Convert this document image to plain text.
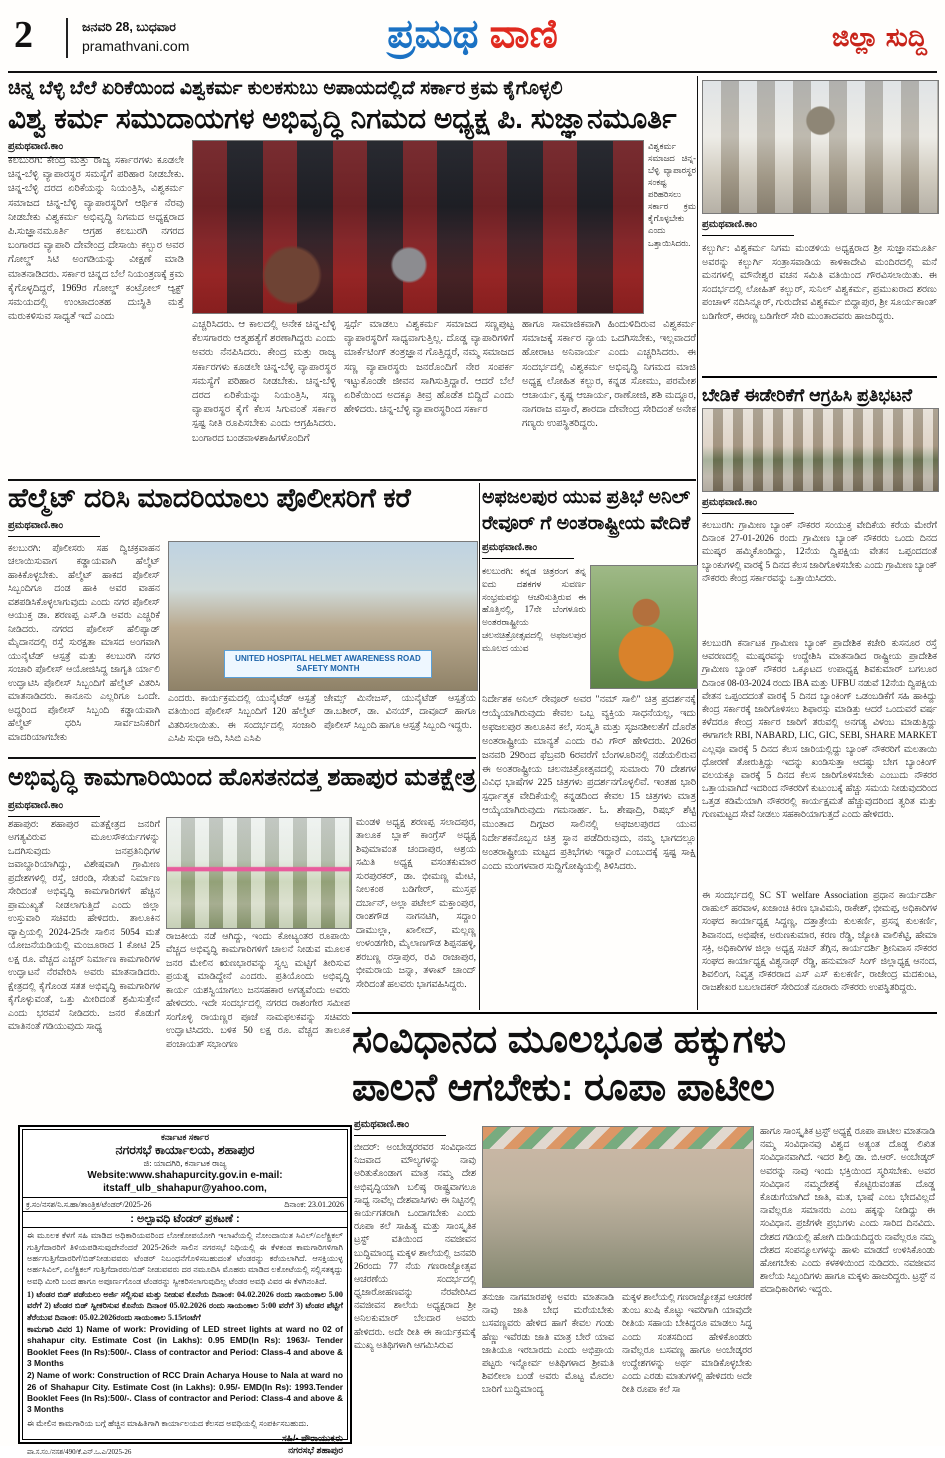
2	ಜನವರಿ 28, ಬುಧವಾರ
pramathvani.com	ಪ್ರಮಥ ವಾಣಿ	ಜಿಲ್ಲಾ ಸುದ್ದಿ
ಚಿನ್ನ ಬೆಳ್ಳಿ ಬೆಲೆ ಏರಿಕೆಯಿಂದ ವಿಶ್ವಕರ್ಮ ಕುಲಕಸುಬು ಅಪಾಯದಲ್ಲಿದೆ ಸರ್ಕಾರ ಕ್ರಮ ಕೈಗೊಳ್ಳಲಿ
ವಿಶ್ವ ಕರ್ಮ ಸಮುದಾಯಗಳ ಅಭಿವೃದ್ಧಿ ನಿಗಮದ ಅಧ್ಯಕ್ಷ ಪಿ. ಸುಜ್ಞಾನಮೂರ್ತಿ
ಪ್ರಮಥವಾಣಿ.ಕಾಂ
ಕಲಬುರಗಿ: ಕೇಂದ್ರ ಮತ್ತು ರಾಜ್ಯ ಸರ್ಕಾರಗಳು ಕೂಡಲೇ ಚಿನ್ನ-ಬೆಳ್ಳಿ ವ್ಯಾಪಾರಸ್ಥರ ಸಮಸ್ಯೆಗೆ ಪರಿಹಾರ ನೀಡಬೇಕು. ಚಿನ್ನ-ಬೆಳ್ಳಿ ದರದ ಏರಿಕೆಯನ್ನು ನಿಯಂತ್ರಿಸಿ, ವಿಶ್ವಕರ್ಮ ಸಮಾಜದ ಚಿನ್ನ-ಬೆಳ್ಳಿ ವ್ಯಾಪಾರಸ್ಥರಿಗೆ ಆರ್ಥಿಕ ನೆರವು ನೀಡಬೇಕು ವಿಶ್ವಕರ್ಮ ಅಭಿವೃದ್ಧಿ ನಿಗಮದ ಅಧ್ಯಕ್ಷರಾದ ಪಿ.ಸುಜ್ಞಾನಮೂರ್ತಿ ಆಗ್ರಹ ಕಲಬುರಗಿ ನಗರದ ಬಂಗಾರದ ವ್ಯಾಪಾರಿ ದೇವೇಂದ್ರ ದೇಸಾಯಿ ಕಲ್ಬುರ ಅವರ ಗೋಲ್ಡ್ ಸಿಟಿ ಅಂಗಡಿಯನ್ನು ವೀಕ್ಷಣೆ ಮಾಡಿ ಮಾತನಾಡಿದರು. ಸರ್ಕಾರ ಚಿನ್ನದ ಬೆಲೆ ನಿಯಂತ್ರಣಕ್ಕೆ ಕ್ರಮ ಕೈಗೊಳ್ಳದಿದ್ದರೆ, 1969ರ ಗೋಲ್ಡ್ ಕಂಟ್ರೋಲ್ ಆ್ಯಕ್ಟ್ ಸಮಯದಲ್ಲಿ ಉಂಟಾದಂತಹ ದುಃಸ್ಥಿತಿ ಮತ್ತೆ ಮರುಕಳಿಸುವ ಸಾಧ್ಯತೆ ಇದೆ ಎಂದು
ವಿಶ್ವಕರ್ಮ ಸಮಾಜದ ಚಿನ್ನ-ಬೆಳ್ಳಿ ವ್ಯಾಪಾರಸ್ಥರ ಸಂಕಷ್ಟ ಪರಿಹರಿಸಲು ಸರ್ಕಾರ ಕ್ರಮ ಕೈಗೊಳ್ಳಬೇಕು ಎಂದು ಒತ್ತಾಯಿಸಿದರು.
ಎಚ್ಚರಿಸಿದರು. ಆ ಕಾಲದಲ್ಲಿ ಅನೇಕ ಚಿನ್ನ-ಬೆಳ್ಳಿ ಕೆಲಸಗಾರರು ಆತ್ಮಹತ್ಯೆಗೆ ಶರಣಾಗಿದ್ದರು ಎಂದು ಅವರು ನೆನಪಿಸಿದರು. ಕೇಂದ್ರ ಮತ್ತು ರಾಜ್ಯ ಸರ್ಕಾರಗಳು ಕೂಡಲೇ ಚಿನ್ನ-ಬೆಳ್ಳಿ ವ್ಯಾಪಾರಸ್ಥರ ಸಮಸ್ಯೆಗೆ ಪರಿಹಾರ ನೀಡಬೇಕು. ಚಿನ್ನ-ಬೆಳ್ಳಿ ದರದ ಏರಿಕೆಯನ್ನು ನಿಯಂತ್ರಿಸಿ, ಸಣ್ಣ ವ್ಯಾಪಾರಸ್ಥರ ಕೈಗೆ ಕೆಲಸ ಸಿಗುವಂತೆ ಸರ್ಕಾರ ಸ್ಪಷ್ಟ ನೀತಿ ರೂಪಿಸಬೇಕು ಎಂದು ಆಗ್ರಹಿಸಿದರು. ಬಂಗಾರದ ಬಂಡವಾಳಶಾಹಿಗಳೊಂದಿಗೆ
ಸ್ಪರ್ಧೆ ಮಾಡಲು ವಿಶ್ವಕರ್ಮ ಸಮಾಜದ ಸಣ್ಣಪುಟ್ಟ ವ್ಯಾಪಾರಸ್ಥರಿಗೆ ಸಾಧ್ಯವಾಗುತ್ತಿಲ್ಲ. ದೊಡ್ಡ ವ್ಯಾಪಾರಿಗಳಿಗೆ ಮಾರ್ಕೆಟಿಂಗ್ ತಂತ್ರಜ್ಞಾನ ಗೊತ್ತಿದ್ದರೆ, ನಮ್ಮ ಸಮಾಜದ ಸಣ್ಣ ವ್ಯಾಪಾರಸ್ಥರು ಜನರೊಂದಿಗೆ ನೇರ ಸಂಪರ್ಕ ಇಟ್ಟುಕೊಂಡೇ ಜೀವನ ಸಾಗಿಸುತ್ತಿದ್ದಾರೆ. ಆದರೆ ಬೆಲೆ ಏರಿಕೆಯಿಂದ ಅದಕ್ಕೂ ತೀವ್ರ ಹೊಡೆತ ಬಿದ್ದಿದೆ ಎಂದು ಹೇಳಿದರು. ಚಿನ್ನ-ಬೆಳ್ಳಿ ವ್ಯಾಪಾರಸ್ಥರಿಂದ ಸರ್ಕಾರ
ಹಾಗೂ ಸಾಮಾಜಿಕವಾಗಿ ಹಿಂದುಳಿದಿರುವ ವಿಶ್ವಕರ್ಮ ಸಮಾಜಕ್ಕೆ ಸರ್ಕಾರ ನ್ಯಾಯ ಒದಗಿಸಬೇಕು, ಇಲ್ಲವಾದರೆ ಹೋರಾಟ ಅನಿವಾರ್ಯ ಎಂದು ಎಚ್ಚರಿಸಿದರು. ಈ ಸಂದರ್ಭದಲ್ಲಿ ವಿಶ್ವಕರ್ಮ ಅಭಿವೃದ್ಧಿ ನಿಗಮದ ಮಾಜಿ ಅಧ್ಯಕ್ಷ ಲೋಹಿತ ಕಲ್ಬುರ, ಕನ್ನಡ ಸೋಮು, ಪರಮೇಶ ಆಚಾರ್ಯ, ಕೃಷ್ಣ ಆಚಾರ್ಯ, ರಾಣೋಜಿ, ಶಶಿ ಮದ್ದೂರ, ನಾಗರಾಜ ವಸ್ತಾರೆ, ಶಾರದಾ ದೇವೇಂದ್ರ ಸೇರಿದಂತೆ ಅನೇಕ ಗಣ್ಯರು ಉಪಸ್ಥಿತರಿದ್ದರು.
ಪ್ರಮಥವಾಣಿ.ಕಾಂ
ಕಲ್ಬುರ್ಗಿ: ವಿಶ್ವಕರ್ಮ ನಿಗಮ ಮಂಡಳಿಯ ಅಧ್ಯಕ್ಷರಾದ ಶ್ರೀ ಸುಜ್ಞಾನಮೂರ್ತಿ ಅವರನ್ನು ಕಲ್ಬುರ್ಗಿ ಸಂತ್ರಾಸವಾಡಿಯ ಕಾಳಿಕಾದೇವಿ ಮಂದಿರದಲ್ಲಿ ಮನೆ ಮನಗಳಲ್ಲಿ ಮೌನೇಶ್ವರ ವಚನ ಸಮಿತಿ ವತಿಯಿಂದ ಗೌರವಿಸಲಾಯಿತು. ಈ ಸಂದರ್ಭದಲ್ಲಿ ಲೋಹಿತ್ ಕಲ್ಬುರ್, ಸುನಿಲ್ ವಿಶ್ವಕರ್ಮ, ಪ್ರಮುಖರಾದ ಶರಣು ಪಂಚಾಳ್ ನದಿಸಿನ್ನೂರ್, ಗುರುದೇವ ವಿಶ್ವಕರ್ಮ ಬಿದ್ದಾಪುರ, ಶ್ರೀ ಸೂರ್ಯಕಾಂತ್ ಬಡಿಗೇರ್, ಈರಣ್ಣ ಬಡಿಗೇರ್ ಸೇರಿ ಮುಂತಾದವರು ಹಾಜರಿದ್ದರು.
ಬೇಡಿಕೆ ಈಡೇರಿಕೆಗೆ ಆಗ್ರಹಿಸಿ ಪ್ರತಿಭಟನೆ
ಪ್ರಮಥವಾಣಿ.ಕಾಂ
ಕಲಬುರಗಿ: ಗ್ರಾಮೀಣ ಬ್ಯಾಂಕ್ ನೌಕರರ ಸಂಯುಕ್ತ ವೇದಿಕೆಯ ಕರೆಯ ಮೇರೆಗೆ ದಿನಾಂಕ 27-01-2026 ರಂದು ಗ್ರಾಮೀಣ ಬ್ಯಾಂಕ್ ನೌಕರರು ಒಂದು ದಿನದ ಮುಷ್ಕರ ಹಮ್ಮಿಕೊಂಡಿದ್ದು, 12ನೆಯ ದ್ವಿಪಕ್ಷಿಯ ವೇತನ ಒಪ್ಪಂದದಂತೆ ಬ್ಯಾಂಕುಗಳಲ್ಲಿ ವಾರಕ್ಕೆ 5 ದಿನದ ಕೆಲಸ ಜಾರಿಗೊಳಿಸಬೇಕು ಎಂದು ಗ್ರಾಮೀಣ ಬ್ಯಾಂಕ್ ನೌಕರರು ಕೇಂದ್ರ ಸರ್ಕಾರವನ್ನು ಒತ್ತಾಯಿಸಿದರು.
ಕಲಬುರಗಿ ಕರ್ನಾಟಕ ಗ್ರಾಮೀಣ ಬ್ಯಾಂಕ್ ಪ್ರಾದೇಶಿಕ ಕಚೇರಿ ಕುಸನೂರ ರಸ್ತೆ ಆವರಣದಲ್ಲಿ ಮುಷ್ಕರವನ್ನು ಉದ್ದೇಶಿಸಿ ಮಾತನಾಡಿದ ರಾಷ್ಟ್ರೀಯ ಪ್ರಾದೇಶಿಕ ಗ್ರಾಮೀಣ ಬ್ಯಾಂಕ್ ನೌಕರರ ಒಕ್ಕೂಟದ ಉಪಾಧ್ಯಕ್ಷ ಶಿವಕುಮಾರ್ ಬಗಲೂರ ದಿನಾಂಕ 08-03-2024 ರಂದು IBA ಮತ್ತು UFBU ನಡುವೆ 12ನೆಯ ದ್ವಿಪಕ್ಷಿಯ ವೇತನ ಒಪ್ಪಂದದಂತೆ ವಾರಕ್ಕೆ 5 ದಿನದ ಬ್ಯಾಂಕಿಂಗ್ ಒಡಂಬಡಿಕೆಗೆ ಸಹಿ ಹಾಕಿದ್ದು ಕೇಂದ್ರ ಸರ್ಕಾರಕ್ಕೆ ಜಾರಿಗೊಳಿಸಲು ಶಿಫಾರಸ್ಸು ಮಾಡಿತ್ತು ಆದರೆ ಒಂದುವರೆ ವರ್ಷ ಕಳೆದರೂ ಕೇಂದ್ರ ಸರ್ಕಾರ ಜಾರಿಗೆ ತರುವಲ್ಲಿ ಅನಗತ್ಯ ವಿಳಂಬ ಮಾಡುತ್ತಿದ್ದು ಈಗಾಗಲೇ RBI, NABARD, LIC, GIC, SEBI, SHARE MARKET ಎಲ್ಲವೂ ವಾರಕ್ಕೆ 5 ದಿನದ ಕೆಲಸ ಜಾರಿಯಲ್ಲಿದ್ದು ಬ್ಯಾಂಕ್ ನೌಕರರಿಗೆ ಮಲತಾಯಿ ಧೋರಣೆ ತೋರುತ್ತಿದ್ದು ಇದನ್ನು ಖಂಡಿಸುತ್ತಾ ಆದಷ್ಟು ಬೇಗ ಬ್ಯಾಂಕಿಂಗ್ ವಲಯಕ್ಕೂ ವಾರಕ್ಕೆ 5 ದಿನದ ಕೆಲಸ ಜಾರಿಗೊಳಿಸಬೇಕು ಎಂಬುದು ನೌಕರರ ಒತ್ತಾಯವಾಗಿದೆ ಇದರಿಂದ ನೌಕರರಿಗೆ ಕುಟುಂಬಕ್ಕೆ ಹೆಚ್ಚು ಸಮಯ ನೀಡುವುದರಿಂದ ಒತ್ತಡ ಕಡಿಮೆಯಾಗಿ ನೌಕರರಲ್ಲಿ ಕಾರ್ಯಕ್ಷಮತೆ ಹೆಚ್ಚುವುದರಿಂದ ತ್ವರಿತ ಮತ್ತು ಗುಣಮಟ್ಟದ ಸೇವೆ ನೀಡಲು ಸಹಕಾರಿಯಾಗುತ್ತದೆ ಎಂದು ಹೇಳಿದರು.
ಈ ಸಂದರ್ಭದಲ್ಲಿ SC ST welfare Association ಪ್ರಧಾನ ಕಾರ್ಯದರ್ಶಿ ರಾಹುಲ್ ಹರವಾಳ, ಖಜಾಂಚಿ ಕಿರಣ ಭಾವಿಮನಿ, ರಾಕೇಶ್, ಭೀಮಪ್ಪ, ಅಧಿಕಾರಿಗಳ ಸಂಘದ ಕಾರ್ಯಾಧ್ಯಕ್ಷ ಸಿದ್ದಣ್ಣ, ದತ್ತಾತ್ರೇಯ ಕುಲಕರ್ಣಿ, ಪ್ರಸನ್ನ ಕುಲಕರ್ಣಿ, ಶಿವಾನಂದ, ಅಭಿಷೇಕ, ಅರುಣಕುಮಾರ, ಕರಣ ರೆಡ್ಡಿ, ಜ್ಯೋತಿ ವಾಲಿಕೆಟ್ಟಿ, ಹೇಮಾ ಸಕ್ರಿ, ಅಧಿಕಾರಿಗಳ ಜಿಲ್ಲಾ ಅಧ್ಯಕ್ಷ ಸಚಿನ್ ತೆಗ್ಗಿನ, ಕಾರ್ಯದರ್ಶಿ ಶ್ರೀನಿವಾಸ ನೌಕರರ ಸಂಘದ ಕಾರ್ಯಾಧ್ಯಕ್ಷ ವಿಶ್ವನಾಥ್ ರೆಡ್ಡಿ, ಹನುಮಾನ್ ಸಿಂಗ್ ಜಿಲ್ಲಾಧ್ಯಕ್ಷ ಆನಂದ, ಶಿವಲಿಂಗ, ನಿವೃತ್ತ ನೌಕರರಾದ ಎಸ್ ಎಸ್ ಕುಲಕರ್ಣಿ, ರಾಜೇಂದ್ರ ಮದಕುಂಟ, ರಾಜಶೇಖರ ಬಬಲಾದಕರ್ ಸೇರಿದಂತೆ ನೂರಾರು ನೌಕರರು ಉಪಸ್ಥಿತರಿದ್ದರು.
ಹೆಲ್ಮೆಟ್ ದರಿಸಿ ಮಾದರಿಯಾಲು ಪೊಲೀಸರಿಗೆ ಕರೆ
ಪ್ರಮಥವಾಣಿ.ಕಾಂ
ಕಲಬುರಗಿ: ಪೊಲೀಸರು ಸಹ ದ್ವಿಚಕ್ರವಾಹನ ಚಲಾಯಿಸುವಾಗ ಕಡ್ಡಾಯವಾಗಿ ಹೆಲ್ಮೆಟ್ ಹಾಕಿಕೊಳ್ಳಬೇಕು. ಹೆಲ್ಮೆಟ್ ಹಾಕದ ಪೊಲೀಸ್ ಸಿಬ್ಬಂದಿಗೂ ದಂಡ ಹಾಕಿ ಅವರ ವಾಹನ ವಶಪಡಿಸಿಕೊಳ್ಳಲಾಗುವುದು ಎಂದು ನಗರ ಪೊಲೀಸ್ ಆಯುಕ್ತ ಡಾ. ಶರಣಪ್ಪ ಎಸ್.ಡಿ ಅವರು ಎಚ್ಚರಿಕೆ ನೀಡಿದರು. ನಗರದ ಪೊಲೀಸ್ ಹೆಲಿಪ್ಯಾಡ್ ಮೈದಾನದಲ್ಲಿ ರಸ್ತೆ ಸುರಕ್ಷತಾ ಮಾಸದ ಅಂಗವಾಗಿ ಯುನೈಟೆಡ್ ಆಸ್ಪತ್ರೆ ಮತ್ತು ಕಲಬುರಗಿ ನಗರ ಸಂಚಾರಿ ಪೊಲೀಸ್ ಆಯೋಜಿಸಿದ್ದ ಜಾಗೃತಿ ರ್ಯಾಲಿ ಉದ್ಘಾಟಿಸಿ ಪೊಲೀಸ್ ಸಿಬ್ಬಂದಿಗೆ ಹೆಲ್ಮೆಟ್ ವಿತರಿಸಿ ಮಾತನಾಡಿದರು. ಕಾನೂನು ಎಲ್ಲರಿಗೂ ಒಂದೇ. ಅದ್ದರಿಂದ ಪೊಲೀಸ್ ಸಿಬ್ಬಂದಿ ಕಡ್ಡಾಯವಾಗಿ ಹೆಲ್ಮೆಟ್ ಧರಿಸಿ ಸಾರ್ವಜನಿಕರಿಗೆ ಮಾದರಿಯಾಗಬೇಕು
UNITED HOSPITAL HELMET AWARENESS ROAD SAFETY MONTH
ಎಂದರು. ಕಾರ್ಯಕ್ರಮದಲ್ಲಿ ಯುನೈಟೆಡ್ ಆಸ್ಪತ್ರೆ ವತಿಯಿಂದ ಪೊಲೀಸ್ ಸಿಬ್ಬಂದಿಗೆ 120 ಹೆಲ್ಮೆಟ್ ವಿತರಿಸಲಾಯಿತು. ಈ ಸಂದರ್ಭದಲ್ಲಿ ಸಂಜಾರಿ ಎಸಿಪಿ ಸುಧಾ ಆದಿ, ಸಿಸಿಬಿ ಎಸಿಪಿ
ಜೇಮ್ಸ್ ಮಿನೇಜಸ್, ಯುನೈಟೆಡ್ ಆಸ್ಪತ್ರೆಯ ಡಾ.ಬಶೀರ್, ಡಾ. ವಿನಯ್, ದಾವೂದ್ ಹಾಗೂ ಪೊಲೀಸ್ ಸಿಬ್ಬಂದಿ ಹಾಗೂ ಆಸ್ಪತ್ರೆ ಸಿಬ್ಬಂದಿ ಇದ್ದರು.
ಅಭಿವೃದ್ಧಿ ಕಾಮಗಾರಿಯಿಂದ ಹೊಸತನದತ್ತ ಶಹಾಪುರ ಮತಕ್ಷೇತ್ರ
ಪ್ರಮಥವಾಣಿ.ಕಾಂ
ಶಹಾಪುರ: ಶಹಾಪುರ ಮತಕ್ಷೇತ್ರದ ಜನರಿಗೆ ಅಗತ್ಯವಿರುವ ಮೂಲಸೌಕರ್ಯಗಳನ್ನು ಒದಗಿಸುವುದು ಜನಪ್ರತಿನಿಧಿಗಳ ಜವಾಬ್ದಾರಿಯಾಗಿದ್ದು, ವಿಶೇಷವಾಗಿ ಗ್ರಾಮೀಣ ಪ್ರದೇಶಗಳಲ್ಲಿ ರಸ್ತೆ, ಚರಂಡಿ, ಸೇತುವೆ ನಿರ್ಮಾಣ ಸೇರಿದಂತೆ ಅಭಿವೃದ್ಧಿ ಕಾಮಗಾರಿಗಳಿಗೆ ಹೆಚ್ಚಿನ ಪ್ರಾಮುಖ್ಯತೆ ನೀಡಲಾಗುತ್ತಿದೆ ಎಂದು ಜಿಲ್ಲಾ ಉಸ್ತುವಾರಿ ಸಚಿವರು ಹೇಳಿದರು. ತಾಲೂಕಿನ ವ್ಯಾಪ್ತಿಯಲ್ಲಿ 2024-25ನೇ ಸಾಲಿನ 5054 ಮತೆ ಯೋಜನೆಯಡಿಯಲ್ಲಿ ಮಂಜೂರಾದ 1 ಕೋಟಿ 25 ಲಕ್ಷ ರೂ. ವೆಚ್ಚದ ಎಚ್ಚರ್ ನಿರ್ಮಾಣ ಕಾಮಗಾರಿಗಳ ಉದ್ಘಾಟನೆ ನೆರವೇರಿಸಿ ಅವರು ಮಾತನಾಡಿದರು. ಕ್ಷೇತ್ರದಲ್ಲಿ ಕೈಗೊಂಡ ಸತತ ಅಭಿವೃದ್ಧಿ ಕಾಮಗಾರಿಗಳ ಕೈಗೊಳ್ಳುವಂತೆ, ಒತ್ತು ಮೀರಿದಂತೆ ಶ್ರಮಿಸುತ್ತೇನೆ ಎಂದು ಭರವಸೆ ನೀಡಿದರು. ಜನರ ಕೊಡುಗೆ ಮಾತಿನಂತೆ ಗಡಿಯುವುದು ಸಾಧ್ಯ
ರಾಜಕೀಯ ನಡೆ ಆಗಿದ್ದು, ಇಂದು ಕೋಟ್ಯಂತರ ರೂಪಾಯಿ ವೆಚ್ಚದ ಅಭಿವೃದ್ಧಿ ಕಾಮಗಾರಿಗಳಿಗೆ ಚಾಲನೆ ನೀಡುವ ಮೂಲಕ ಜನರ ಮೇಲಿನ ಋಣಭಾರವನ್ನು ಸ್ವಲ್ಪ ಮಟ್ಟಿಗೆ ತೀರಿಸುವ ಪ್ರಯತ್ನ ಮಾಡಿದ್ದೇನೆ ಎಂದರು. ಪ್ರತಿಯೊಂದು ಅಭಿವೃದ್ಧಿ ಕಾರ್ಯ ಯಶಸ್ವಿಯಾಗಲು ಜನಸಹಕಾರ ಅಗತ್ಯವೆಂದು ಅವರು ಹೇಳಿದರು. ಇದೇ ಸಂದರ್ಭದಲ್ಲಿ ನಗರದ ರಾಶಂಗೇರ ಸಮೀಪ ಸಂಗೊಳ್ಳಿ ರಾಯಣ್ಣರ ಪೂಜೆ ನಾಮಫಲಕವನ್ನು ಸಚಿವರು ಉದ್ಘಾಟಿಸಿದರು. ಬಳಿಕ 50 ಲಕ್ಷ ರೂ. ವೆಚ್ಚದ ತಾಲೂಕ ಪಂಚಾಯತ್ ಸಭಾಂಗಣ
ಮಂಡಳಿ ಅಧ್ಯಕ್ಷ ಶರಣಪ್ಪ ಸಲಾದಪುರ, ತಾಲೂಕ ಬ್ಲಾಕ್ ಕಾಂಗ್ರೆಸ್ ಅಧ್ಯಕ್ಷ ಶಿವುಮಾವಂತ ಚಂದಾಪುರ, ಆಶ್ರಯ ಸಮಿತಿ ಅಧ್ಯಕ್ಷ ವಸಂತಕುಮಾರ ಸುರಪುರಕರ್, ಡಾ. ಭೀಮಣ್ಣ ಮೇಟಿ, ನೀಲಕಂಠ ಬಡಿಗೇರ್, ಮುಸ್ತಫ ದರ್ಬಾನ್, ಅಲ್ಲಾ ಪಟೇಲ್ ಮಕ್ತಾಂಪುರ, ರಾಂಶಗೌಡ ನಾಗನಟಿಗಿ, ಸದ್ದಾಂ ದಾಮುಲ್ಲಾ, ಖಾಲೀದ್, ಮಲ್ಲಣ್ಣ ಉಳಂಡಗೇರಿ, ಮೈಲಾಣಗೌಡ ಶಿಪ್ಪನಹಳ್ಳಿ, ಶರಬಣ್ಣ ರಸ್ತಾಪುರ, ರವಿ ರಾಜಾಪುರ, ಭೀಮರಾಯ ಜನ್ನಾ, ತಳಾಖ್ ಚಾಂದ್ ಸೇರಿದಂತೆ ಹಲವರು ಭಾಗವಹಿಸಿದ್ದರು.
ಅಫಜಲಪುರ ಯುವ ಪ್ರತಿಭೆ ಅನಿಲ್ ರೇವೂರ್ ಗೆ ಅಂತರಾಷ್ಟ್ರೀಯ ವೇದಿಕೆ
ಪ್ರಮಥವಾಣಿ.ಕಾಂ
ಕಲಬುರಗಿ: ಕನ್ನಡ ಚಿತ್ರರಂಗ ತನ್ನ ಐದು ದಶಕಗಳ ಸುವರ್ಣ ಸಂಭ್ರಮವನ್ನು ಆಚರಿಸುತ್ತಿರುವ ಈ ಹೊತ್ತಿನಲ್ಲಿ, 17ನೇ ಬೆಂಗಳೂರು ಅಂತರರಾಷ್ಟ್ರೀಯ ಚಲನಚಿತ್ರೋತ್ಸವದಲ್ಲಿ ಅಫಜಲಪುರ ಮೂಲದ ಯುವ
ನಿರ್ದೇಶಕ ಅನಿಲ್ ರೇವೂರ್ ಅವರ "ನಮ್ ಸಾಲಿ" ಚಿತ್ರ ಪ್ರದರ್ಶನಕ್ಕೆ ಆಯ್ಕೆಯಾಗಿರುವುದು ಕೇವಲ ಒಬ್ಬ ವ್ಯಕ್ತಿಯ ಸಾಧನೆಯಲ್ಲ, ಇದು ಅಫಜಲಪುರ ತಾಲೂಕಿನ ಕಲೆ, ಸಂಸ್ಕೃತಿ ಮತ್ತು ಸೃಜನಶೀಲತೆಗೆ ದೊರೆತ ಅಂತರಾಷ್ಟ್ರೀಯ ಮಾನ್ಯತೆ ಎಂದು ರವಿ ಗೌರ್ ಹೇಳಿದರು. 2026ರ ಜನವರಿ 29ರಿಂದ ಫೆಬ್ರವರಿ 6ರವರೆಗೆ ಬೆಂಗಳೂರಿನಲ್ಲಿ ನಡೆಯಲಿರುವ ಈ ಅಂತರಾಷ್ಟ್ರೀಯ ಚಲನಚಿತ್ರೋತ್ಸವದಲ್ಲಿ ಸುಮಾರು 70 ದೇಶಗಳ ವಿವಿಧ ಭಾಷೆಗಳ 225 ಚಿತ್ರಗಳು ಪ್ರದರ್ಶನಗೊಳ್ಳಲಿವೆ. ಇಂತಹ ಭಾರಿ ಸ್ಪರ್ಧಾತ್ಮಕ ವೇದಿಕೆಯಲ್ಲಿ ಕನ್ನಡದಿಂದ ಕೇವಲ 15 ಚಿತ್ರಗಳು ಮಾತ್ರ ಆಯ್ಕೆಯಾಗಿರುವುದು ಗಮನಾರ್ಹ. ಓ. ಶೇಷಾದ್ರಿ, ರಿಷಭ್ ಶೆಟ್ಟಿ ಮುಂತಾದ ದಿಗ್ಗಜರ ಸಾಲಿನಲ್ಲಿ ಅಫಜಲಪುರದ ಯುವ ನಿರ್ದೇಶಕನೊಬ್ಬನ ಚಿತ್ರ ಸ್ಥಾನ ಪಡೆದಿರುವುದು, ನಮ್ಮ ಭಾಗದಲ್ಲೂ ಅಂತರಾಷ್ಟ್ರೀಯ ಮಟ್ಟದ ಪ್ರತಿಭೆಗಳು ಇದ್ದಾರೆ ಎಂಬುದಕ್ಕೆ ಸ್ಪಷ್ಟ ಸಾಕ್ಷಿ ಎಂದು ಮಂಗಳವಾರ ಸುದ್ದಿಗೋಷ್ಠಿಯಲ್ಲಿ ತಿಳಿಸಿದರು.
ಸಂವಿಧಾನದ ಮೂಲಭೂತ ಹಕ್ಕುಗಳು
ಪಾಲನೆ ಆಗಬೇಕು: ರೂಪಾ ಪಾಟೀಲ
ಪ್ರಮಥವಾಣಿ.ಕಾಂ
ಬೀದರ್: ಅಂಬೇಡ್ಕರರವರ ಸಂವಿಧಾನದ ನಿಜವಾದ ಮೌಲ್ಯಗಳನ್ನು ನಾವು ಅರಿತುಕೊಂಡಾಗ ಮಾತ್ರ ನಮ್ಮ ದೇಶ ಅಭಿವೃದ್ಧಿಯಾಗಿ ಬಲಿಷ್ಠ ರಾಷ್ಟ್ರವಾಗಲೂ ಸಾಧ್ಯ ನಾವೆಲ್ಲ ದೇಶವಾಸಿಗಳು ಈ ನಿಟ್ಟಿನಲ್ಲಿ ಕಾರ್ಯಗತರಾಗಿ ಒಂದಾಗಬೇಕು ಎಂದು ರೂಪಾ ಕಲೆ ಸಾಹಿತ್ಯ ಮತ್ತು ಸಾಂಸ್ಕೃತಿಕ ಟ್ರಸ್ಟ್ ವತಿಯಿಂದ ನವಜೀವನ ಬುದ್ಧಿಮಾಂದ್ಯ ಮಕ್ಕಳ ಶಾಲೆಯಲ್ಲಿ ಜನವರಿ 26ರಂದು 77 ನೆಯ ಗಣರಾಜ್ಯೋತ್ಸವ ಆಚರಣೆಯ ಸಂದರ್ಭದಲ್ಲಿ ಧ್ವಜಾರೋಹಣವನ್ನು ನೆರವೇರಿಸಿದ ನವಜೀವನ ಶಾಲೆಯ ಅಧ್ಯಕ್ಷರಾದ ಶ್ರೀ ಅನಿಲಕುಮಾರ್ ಬೆಲದಾರ ಅವರು ಹೇಳಿದರು. ಅದೇ ರೀತಿ ಈ ಕಾರ್ಯಕ್ರಮಕ್ಕೆ ಮುಖ್ಯ ಅತಿಥಿಗಳಾಗಿ ಆಗಮಿಸಿರುವ
ತನುಜಾ ನಾಗಮಾರಪಳ್ಳಿ ಅವರು ಮಾತನಾಡಿ ನಾವು ಜಾತಿ ಬೇಧ ಮರೆಯಬೇಕು ಬಸವಣ್ಣವರು ಹೇಳಿದ ಹಾಗೆ ಕೇವಲ ಗಂಡು ಹೆಣ್ಣು ಇವೆರಡು ಜಾತಿ ಮಾತ್ರ ಬೇರೆ ಯಾವ ಜಾತಿಯೂ ಇರಬಾರದು ಎಂದು ಅಭಿಪ್ರಾಯ ಪಟ್ಟರು ಇನ್ನೋರ್ವ ಅತಿಥಿಗಳಾದ ಶ್ರೀಮತಿ ಶಿವಲೀಲಾ ಬಂಡೆ ಅವರು ಮೊಟ್ಟ ಮೊದಲ ಬಾರಿಗೆ ಬುದ್ಧಿಮಾಂದ್ಯ
ಮಕ್ಕಳ ಶಾಲೆಯಲ್ಲಿ ಗಣರಾಜ್ಯೋತ್ಸವ ಆಚರಣೆ ತುಂಬ ಖುಷಿ ಕೊಟ್ಟು ಇವರಿಗಾಗಿ ಯಾವುದೇ ರೀತಿಯ ಸಹಾಯ ಬೇಕಿದ್ದರೂ ಮಾಡಲು ಸಿದ್ಧ ಎಂದು ಸಂತಸದಿಂದ ಹೇಳಿಕೊಂಡರು ನಾವೆಲ್ಲರೂ ಬಸವಣ್ಣ ಹಾಗೂ ಅಂಬೇಡ್ಕರರ ಉದ್ದೇಶಗಳನ್ನು ಅರ್ಥ ಮಾಡಿಕೊಳ್ಳಬೇಕು ಎಂದು ಎರಡು ಮಾತುಗಳಲ್ಲಿ ಹೇಳಿದರು ಅದೇ ರೀತಿ ರೂಪಾ ಕಲೆ ಸಾ
ಹಾಗೂ ಸಾಂಸ್ಕೃತಿಕ ಟ್ರಸ್ಟ್ ಅಧ್ಯಕ್ಷೆ ರೂಪಾ ಪಾಟೀಲ ಮಾತನಾಡಿ ನಮ್ಮ ಸಂವಿಧಾನವು ವಿಶ್ವದ ಅತ್ಯಂತ ದೊಡ್ಡ ಲಿಖಿತ ಸಂವಿಧಾನವಾಗಿದೆ. ಇದರ ಶಿಲ್ಪಿ ಡಾ. ಬಿ.ಆರ್. ಅಂಬೇಡ್ಕರ್ ಅವರನ್ನು ನಾವು ಇಂದು ಭಕ್ತಿಯಿಂದ ಸ್ಮರಿಸಬೇಕು. ಅವರ ಸಂವಿಧಾನ ನಮ್ಮದೇಶಕ್ಕೆ ಕೊಟ್ಟಿರುವಂತಹ ದೊಡ್ಡ ಕೊಡುಗೆಯಾಗಿದೆ ಜಾತಿ, ಮತ, ಭಾಷೆ ಎಂಬ ಭೇದವಿಲ್ಲದೆ ನಾವೆಲ್ಲರೂ ಸಮಾನರು ಎಂಬ ಹಕ್ಕನ್ನು ನೀಡಿದ್ದು ಈ ಸಂವಿಧಾನ. ಪ್ರಜೆಗಳೇ ಪ್ರಭುಗಳು ಎಂದು ಸಾರಿದ ದಿನವಿದು. ದೇಶದ ಗಡಿಯಲ್ಲಿ ಹೋಗಿ ದುಡಿಯದಿದ್ದರು ನಾವೆಲ್ಲರೂ ನಮ್ಮ ದೇಶದ ಸಂಪನ್ಮೂಲಗಳನ್ನು ಹಾಳು ಮಾಡದೆ ಉಳಿಸಿಕೊಂಡು ಹೋಗಬೇಕು ಎಂದು ಕಳಕಳಿಯಿಂದ ನುಡಿದರು. ನವಜೀವನ ಶಾಲೆಯ ಸಿಬ್ಬಂದಿಗಳು ಹಾಗೂ ಮಕ್ಕಳು ಹಾಜರಿದ್ದರು. ಟ್ರಸ್ಟ್ ನ ಪದಾಧಿಕಾರಿಗಳು ಇದ್ದರು.
ಕರ್ನಾಟಕ ಸರ್ಕಾರ
ನಗರಸಭೆ ಕಾರ್ಯಾಲಯ, ಶಹಾಪುರ
ಜಿ: ಯಾದಗಿರಿ, ಕರ್ನಾಟಕ ರಾಜ್ಯ
Website:www.shahapurcity.gov.in e-mail: itstaff_ulb_shahapur@yahoo.com,
ಕ್ರ.ಸಂ/ನಸಶ/ನಿ.ಸ.ಹಾ/ತಾಂತ್ರಿಕ/ಟೆಂಡರ್/2025-26	ದಿನಾಂಕ: 23.01.2026
: ಅಲ್ಪಾವಧಿ ಟೆಂಡರ್ ಪ್ರಕಟಣೆ :
ಈ ಮೂಲಕ ಕೆಳಗೆ ಸಹಿ ಮಾಡಿದ ಅಧಿಕಾರಿಯವರಿಂದ ಲೋಕೋಪಯೋಗಿ ಇಲಾಖೆಯಲ್ಲಿ ನೋಂದಾಯಿತ ಸಿವಿಲ್/ಎಲೆಕ್ಟ್ರಿಕಲ್ ಗುತ್ತಿಗೆದಾರರಿಗೆ ತಿಳಿಯಪಡಿಸುವುದೇನೆಂದರೆ 2025-26ನೇ ಸಾಲಿನ ನಗರಸಭೆ ನಿಧಿಯಲ್ಲಿ ಈ ಕೆಳಕಂಡ ಕಾಮಗಾರಿಗಳಿಗಾಗಿ ಅರ್ಹಗುತ್ತಿಗೆದಾರರಿಗೆ/ಬಿಡ್‌ನೀಡುವವರು ಟೆಂಡರ್ ನಿಬಂಧನೆಗೊಳಿಸಬಹುದಂತೆ ಟೆಂಡರನ್ನು ಕರೆಯಲಾಗಿದೆ. ಆಸಕ್ತಿಯುಳ್ಳ ಅರ್ಹಸಿವಿಲ್, ಎಲೆಕ್ಟ್ರಿಕಲ್ ಗುತ್ತಿಗೆದಾರರು/ಬಿಡ್ ನೀಡುವವರು ದರ ನಮೂದಿಸಿ ಮೊಹರು ಮಾಡಿದ ಲಕೋಟೆಯಲ್ಲಿ ಸಲ್ಲಿಸತಕ್ಕದ್ದು ಅವಧಿ ಮೀರಿ ಬಂದ ಹಾಗೂ ಅಪೂರ್ಣಗೊಂಡ ಟೆಂಡರನ್ನು ಸ್ವೀಕರಿಸಲಾಗುವುದಿಲ್ಲ ಟೆಂಡರ ಅವಧಿ ವಿವರ ಈ ಕೆಳಗಿನಂತಿದೆ.
1) ಟೆಂಡರ ಬಿಡ್ ಪಡೆಯಲು ಅರ್ಜಿ ಸಲ್ಲಿಸುವ ಮತ್ತು ನೀಡುವ ಕೊನೆಯ ದಿನಾಂಕ: 04.02.2026 ರಂದು ಸಾಯಂಕಾಲ 5.00 ವರೆಗೆ 2) ಟೆಂಡರ ಬಿಡ್ ಸ್ವೀಕರಿಸುವ ಕೊನೆಯ ದಿನಾಂಕ 05.02.2026 ರಂದು ಸಾಯಂಕಾಲ 5:00 ವರೆಗೆ 3) ಟೆಂಡರ ಪೆಟ್ಟಿಗೆ ತೆರೆಯುವ ದಿನಾಂಕ: 05.02.2026ರಂದು ಸಾಯಂಕಾಲ 5.15ಗಂಟೆಗೆ
ಕಾಮಗಾರಿ ವಿವರ 1) Name of work: Providing of LED street lights at ward no 02 of shahapur city. Estimate Cost (in Lakhs): 0.95 EMD(In Rs): 1963/- Tender Booklet Fees (In Rs):500/-. Class of contractor and Period: Class-4 and above & 3 Months
2) Name of work: Construction of RCC Drain Acharya House to Nala at ward no 26 of Shahapur City. Estimate Cost (in Lakhs): 0.95/- EMD(In Rs): 1993.Tender Booklet Fees (In Rs):500/-. Class of contractor and Period: Class-4 and above & 3 Months
ಈ ಮೇಲಿನ ಕಾಮಗಾರಿಯ ಬಗ್ಗೆ ಹೆಚ್ಚಿನ ಮಾಹಿತಿಗಾಗಿ ಕಾರ್ಯಾಲಯದ ಕೆಲಸದ ಅವಧಿಯಲ್ಲಿ ಸಂಪರ್ಕಿಸಬಹುದು.
ಪಾ.ಸ.ಸಂ./ನಸಶ/490/ಕೆ.ಎನ್.ಒ.ಎ/2025-26
ಸಹಿ/- ಪೌರಾಯುಕ್ತರು
ನಗರಸಭೆ ಶಹಾಪುರ
